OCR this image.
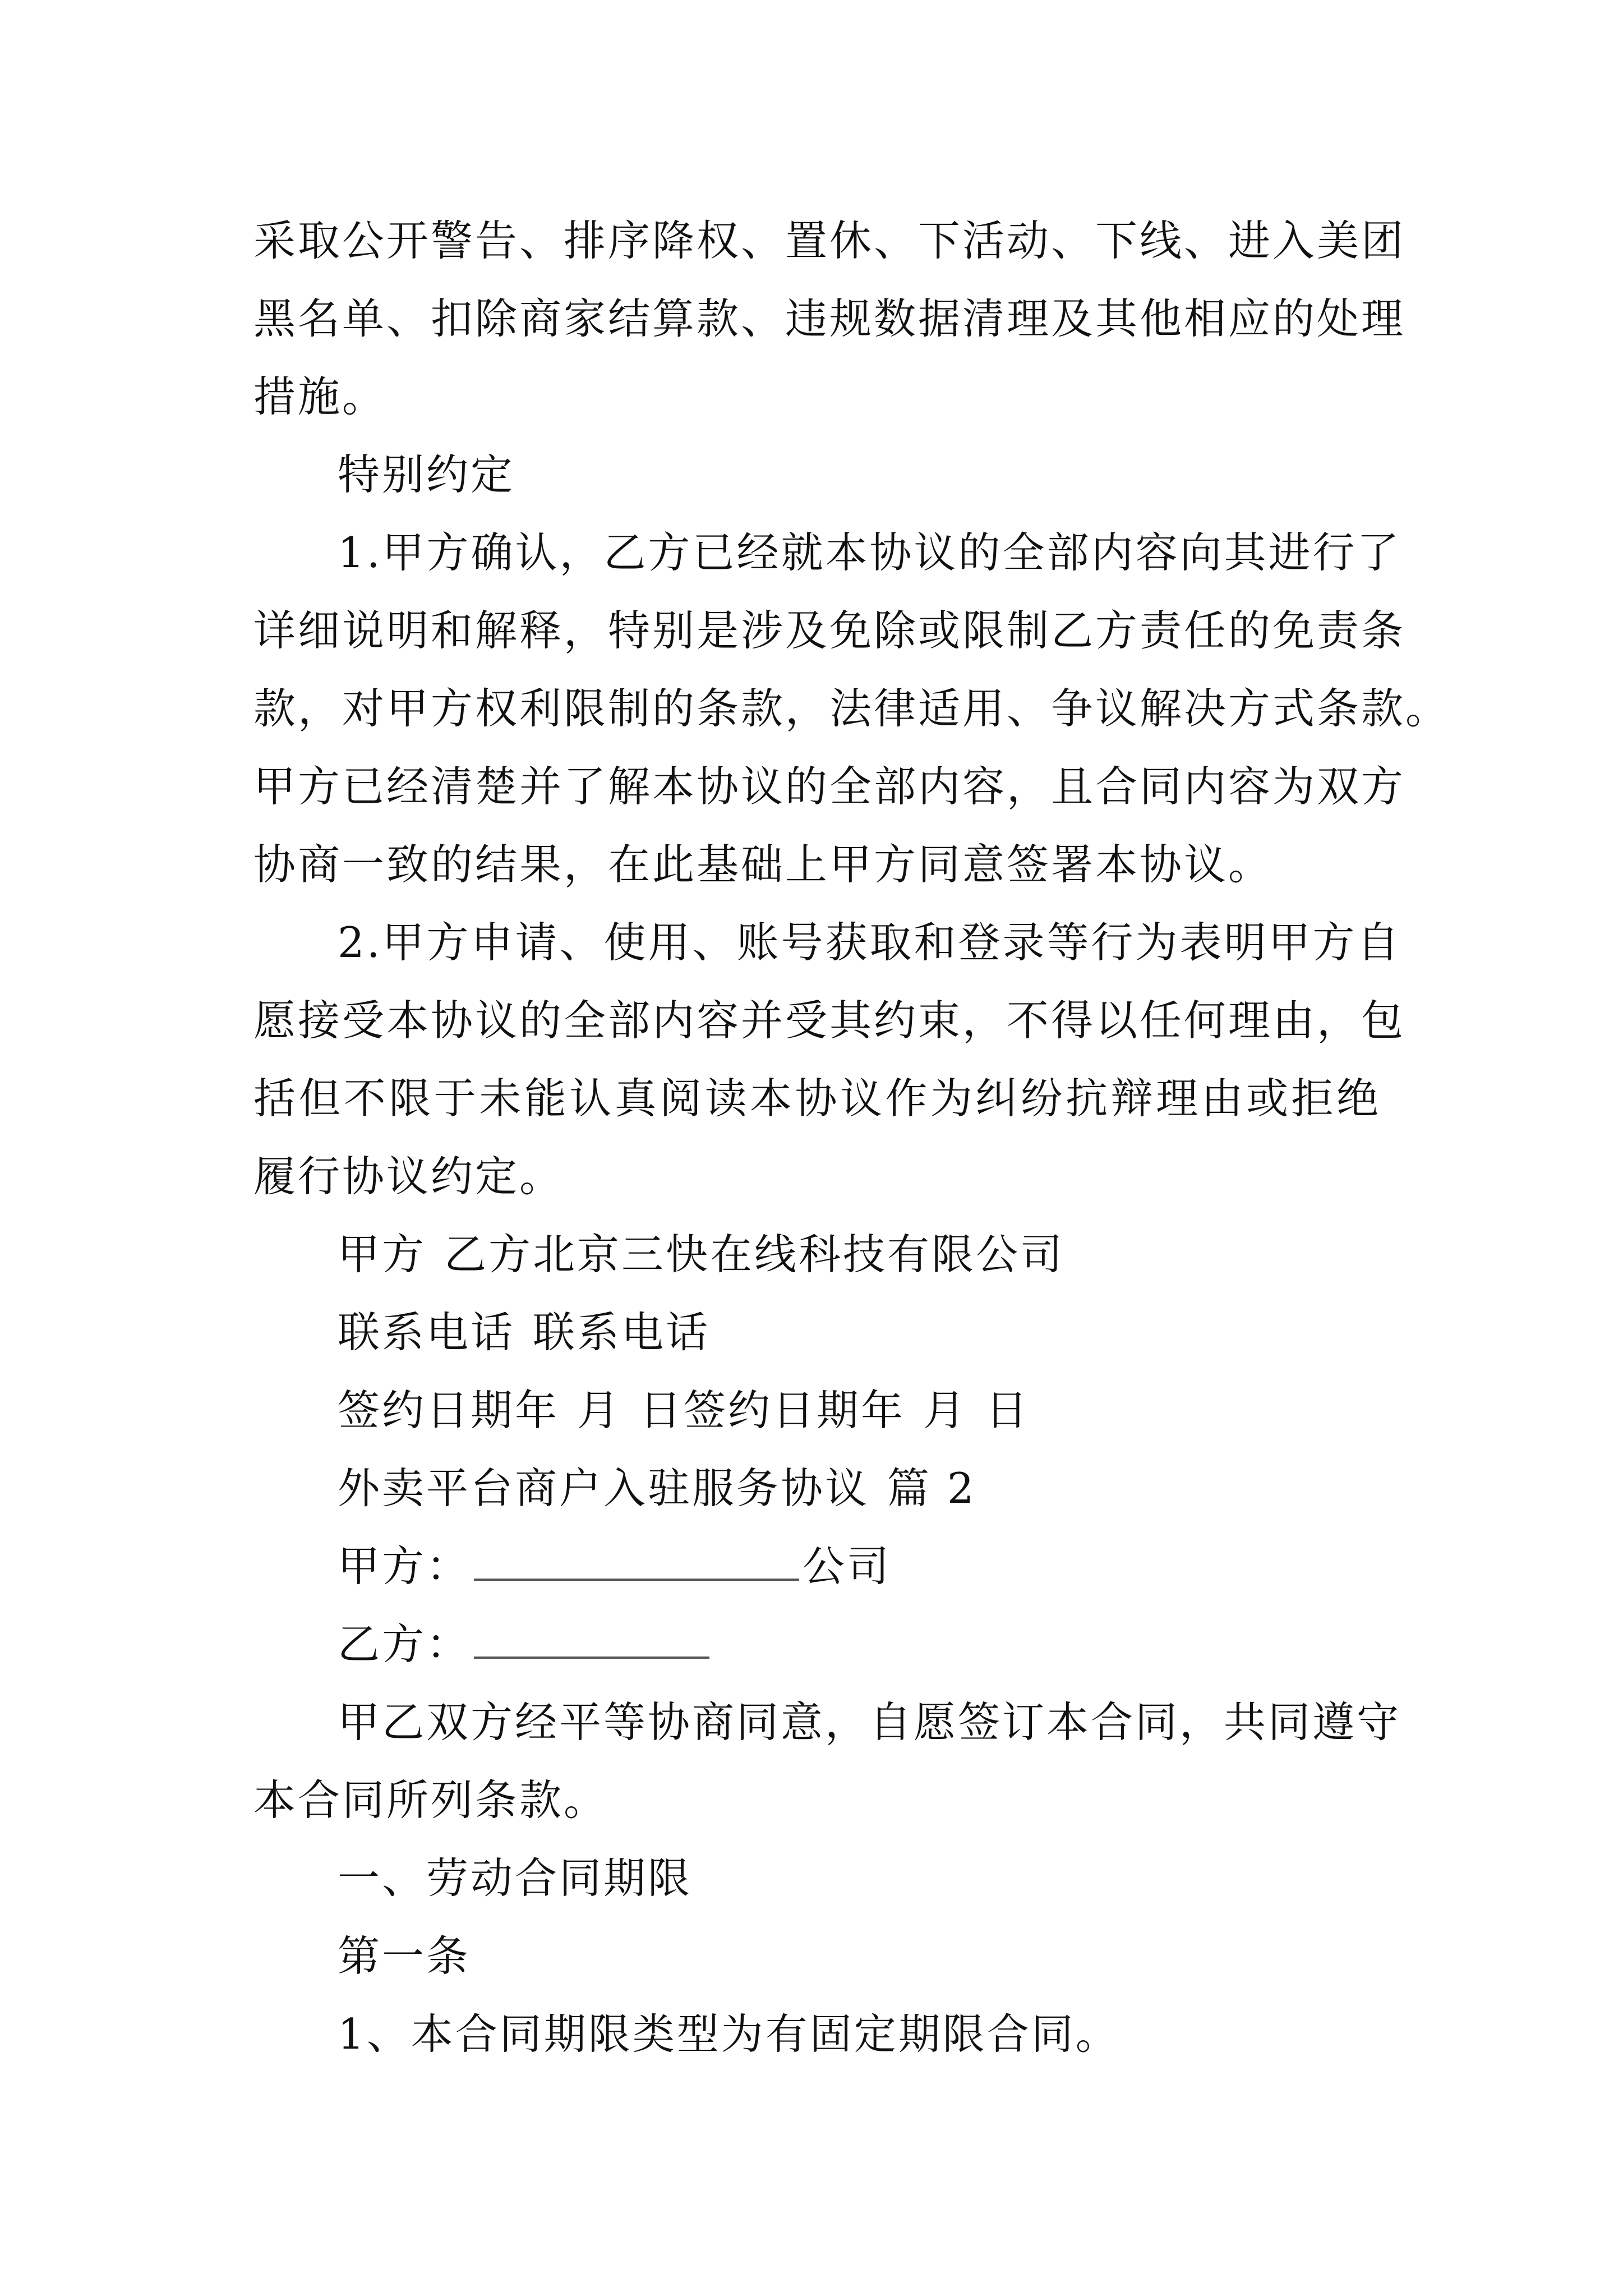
采取公开警告、排序降权、置休、下活动、下线、进入美团
黑名单、扣除商家结算款、违规数据清理及其他相应的处理
措施。
特别约定
1.甲方确认，乙方已经就本协议的全部内容向其进行了
详细说明和解释，特别是涉及免除或限制乙方责任的免责条
款，对甲方权利限制的条款，法律适用、争议解决方式条款。
甲方已经清楚并了解本协议的全部内容，且合同内容为双方
协商一致的结果，在此基础上甲方同意签署本协议。
2.甲方申请、使用、账号获取和登录等行为表明甲方自
愿接受本协议的全部内容并受其约束，不得以任何理由，包
括但不限于未能认真阅读本协议作为纠纷抗辩理由或拒绝
履行协议约定。
甲方 乙方北京三快在线科技有限公司
联系电话 联系电话
签约日期年 月 日签约日期年 月 日
外卖平台商户入驻服务协议 篇 2
甲方：	公司
乙方：
甲乙双方经平等协商同意，自愿签订本合同，共同遵守
本合同所列条款。
一、劳动合同期限
第一条
1、本合同期限类型为有固定期限合同。
